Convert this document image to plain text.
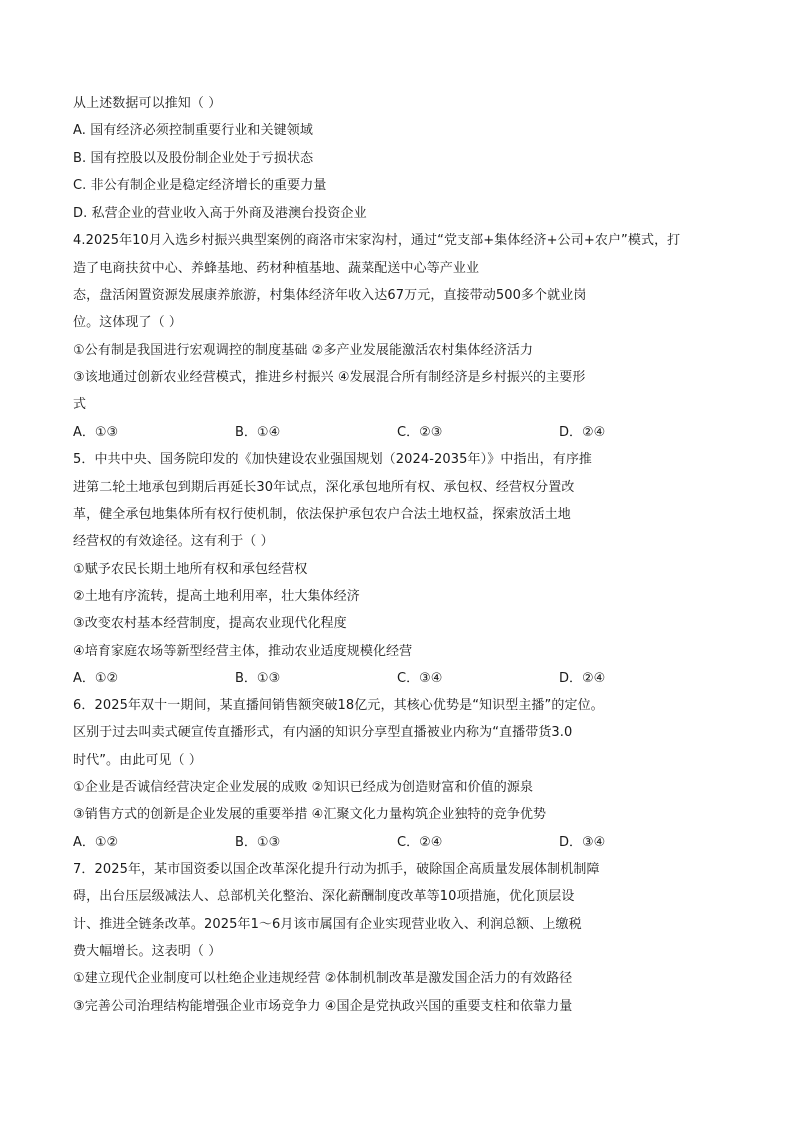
从上述数据可以推知（ ）
A. 国有经济必须控制重要行业和关键领域
B. 国有控股以及股份制企业处于亏损状态
C. 非公有制企业是稳定经济增长的重要力量
D. 私营企业的营业收入高于外商及港澳台投资企业
4.2025年10月入选乡村振兴典型案例的商洛市宋家沟村，通过“党支部+集体经济+公司+农户”模式，打
造了电商扶贫中心、养蜂基地、药材种植基地、蔬菜配送中心等产业业
态，盘活闲置资源发展康养旅游，村集体经济年收入达67万元，直接带动500多个就业岗
位。这体现了（ ）
①公有制是我国进行宏观调控的制度基础 ②多产业发展能激活农村集体经济活力
③该地通过创新农业经营模式，推进乡村振兴 ④发展混合所有制经济是乡村振兴的主要形
式
A．①③	B．①④	C．②③	D．②④
5．中共中央、国务院印发的《加快建设农业强国规划（2024-2035年）》中指出，有序推
进第二轮土地承包到期后再延长30年试点，深化承包地所有权、承包权、经营权分置改
革，健全承包地集体所有权行使机制，依法保护承包农户合法土地权益，探索放活土地
经营权的有效途径。这有利于（ ）
①赋予农民长期土地所有权和承包经营权
②土地有序流转，提高土地利用率，壮大集体经济
③改变农村基本经营制度，提高农业现代化程度
④培育家庭农场等新型经营主体，推动农业适度规模化经营
A．①②	B．①③	C．③④	D．②④
6．2025年双十一期间，某直播间销售额突破18亿元，其核心优势是“知识型主播”的定位。
区别于过去叫卖式硬宣传直播形式，有内涵的知识分享型直播被业内称为“直播带货3.0
时代”。由此可见（ ）
①企业是否诚信经营决定企业发展的成败 ②知识已经成为创造财富和价值的源泉
③销售方式的创新是企业发展的重要举措 ④汇聚文化力量构筑企业独特的竞争优势
A．①②	B．①③	C．②④	D．③④
7．2025年，某市国资委以国企改革深化提升行动为抓手，破除国企高质量发展体制机制障
碍，出台压层级减法人、总部机关化整治、深化薪酬制度改革等10项措施，优化顶层设
计、推进全链条改革。2025年1～6月该市属国有企业实现营业收入、利润总额、上缴税
费大幅增长。这表明（ ）
①建立现代企业制度可以杜绝企业违规经营 ②体制机制改革是激发国企活力的有效路径
③完善公司治理结构能增强企业市场竞争力 ④国企是党执政兴国的重要支柱和依靠力量
